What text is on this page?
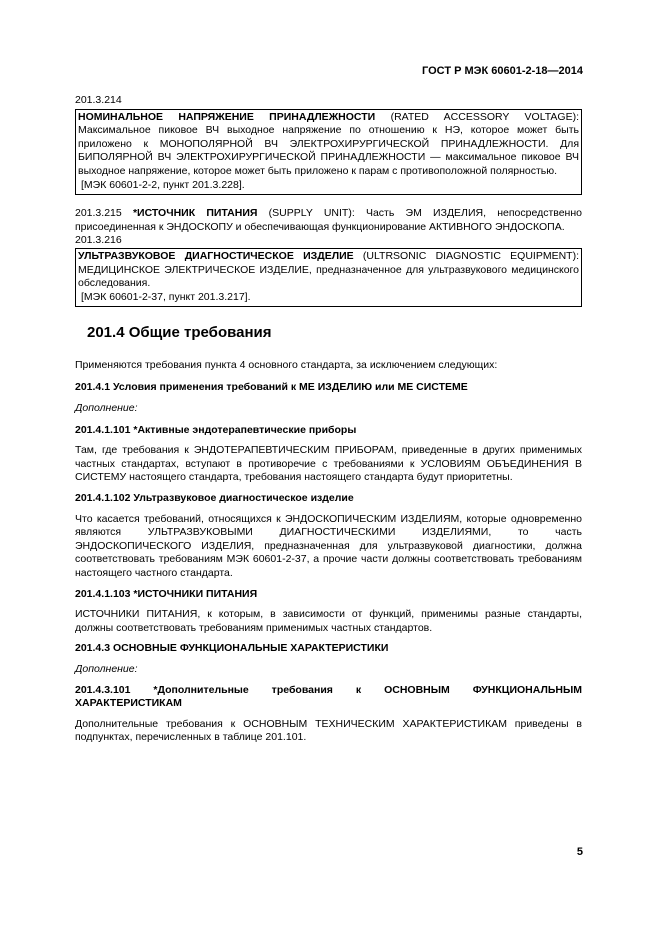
ГОСТ Р МЭК 60601-2-18—2014

201.3.214

НОМИНАЛЬНОЕ НАПРЯЖЕНИЕ ПРИНАДЛЕЖНОСТИ (RATED ACCESSORY VOLTAGE): Максимальное пиковое ВЧ выходное напряжение по отношению к НЭ, которое может быть приложено к МОНОПОЛЯРНОЙ ВЧ ЭЛЕКТРОХИРУРГИЧЕСКОЙ ПРИНАДЛЕЖНОСТИ. Для БИПОЛЯРНОЙ ВЧ ЭЛЕКТРОХИРУРГИЧЕСКОЙ ПРИНАДЛЕЖНОСТИ — максимальное пиковое ВЧ выходное напряжение, которое может быть приложено к парам с противоположной полярностью.

[МЭК 60601-2-2, пункт 201.3.228].

201.3.215 *ИСТОЧНИК ПИТАНИЯ (SUPPLY UNIT): Часть ЭМ ИЗДЕЛИЯ, непосредственно присоединенная к ЭНДОСКОПУ и обеспечивающая функционирование АКТИВНОГО ЭНДОСКОПА.

201.3.216

УЛЬТРАЗВУКОВОЕ ДИАГНОСТИЧЕСКОЕ ИЗДЕЛИЕ (ULTRSONIC DIAGNOSTIC EQUIPMENT): МЕДИЦИНСКОЕ ЭЛЕКТРИЧЕСКОЕ ИЗДЕЛИЕ, предназначенное для ультразвукового медицинского обследования.

[МЭК 60601-2-37, пункт 201.3.217].

201.4 Общие требования

Применяются требования пункта 4 основного стандарта, за исключением следующих:

201.4.1 Условия применения требований к МЕ ИЗДЕЛИЮ или МЕ СИСТЕМЕ

Дополнение:

201.4.1.101 *Активные эндотерапевтические приборы

Там, где требования к ЭНДОТЕРАПЕВТИЧЕСКИМ ПРИБОРАМ, приведенные в других применимых частных стандартах, вступают в противоречие с требованиями к УСЛОВИЯМ ОБЪЕДИНЕНИЯ В СИСТЕМУ настоящего стандарта, требования настоящего стандарта будут приоритетны.

201.4.1.102 Ультразвуковое диагностическое изделие

Что касается требований, относящихся к ЭНДОСКОПИЧЕСКИМ ИЗДЕЛИЯМ, которые одновременно являются УЛЬТРАЗВУКОВЫМИ ДИАГНОСТИЧЕСКИМИ ИЗДЕЛИЯМИ, то часть ЭНДОСКОПИЧЕСКОГО ИЗДЕЛИЯ, предназначенная для ультразвуковой диагностики, должна соответствовать требованиям МЭК 60601-2-37, а прочие части должны соответствовать требованиям настоящего частного стандарта.

201.4.1.103 *ИСТОЧНИКИ ПИТАНИЯ

ИСТОЧНИКИ ПИТАНИЯ, к которым, в зависимости от функций, применимы разные стандарты, должны соответствовать требованиям применимых частных стандартов.

201.4.3 ОСНОВНЫЕ ФУНКЦИОНАЛЬНЫЕ ХАРАКТЕРИСТИКИ

Дополнение:

201.4.3.101 *Дополнительные требования к ОСНОВНЫМ ФУНКЦИОНАЛЬНЫМ

ХАРАКТЕРИСТИКАМ

Дополнительные требования к ОСНОВНЫМ ТЕХНИЧЕСКИМ ХАРАКТЕРИСТИКАМ приведены в подпунктах, перечисленных в таблице 201.101.

5
